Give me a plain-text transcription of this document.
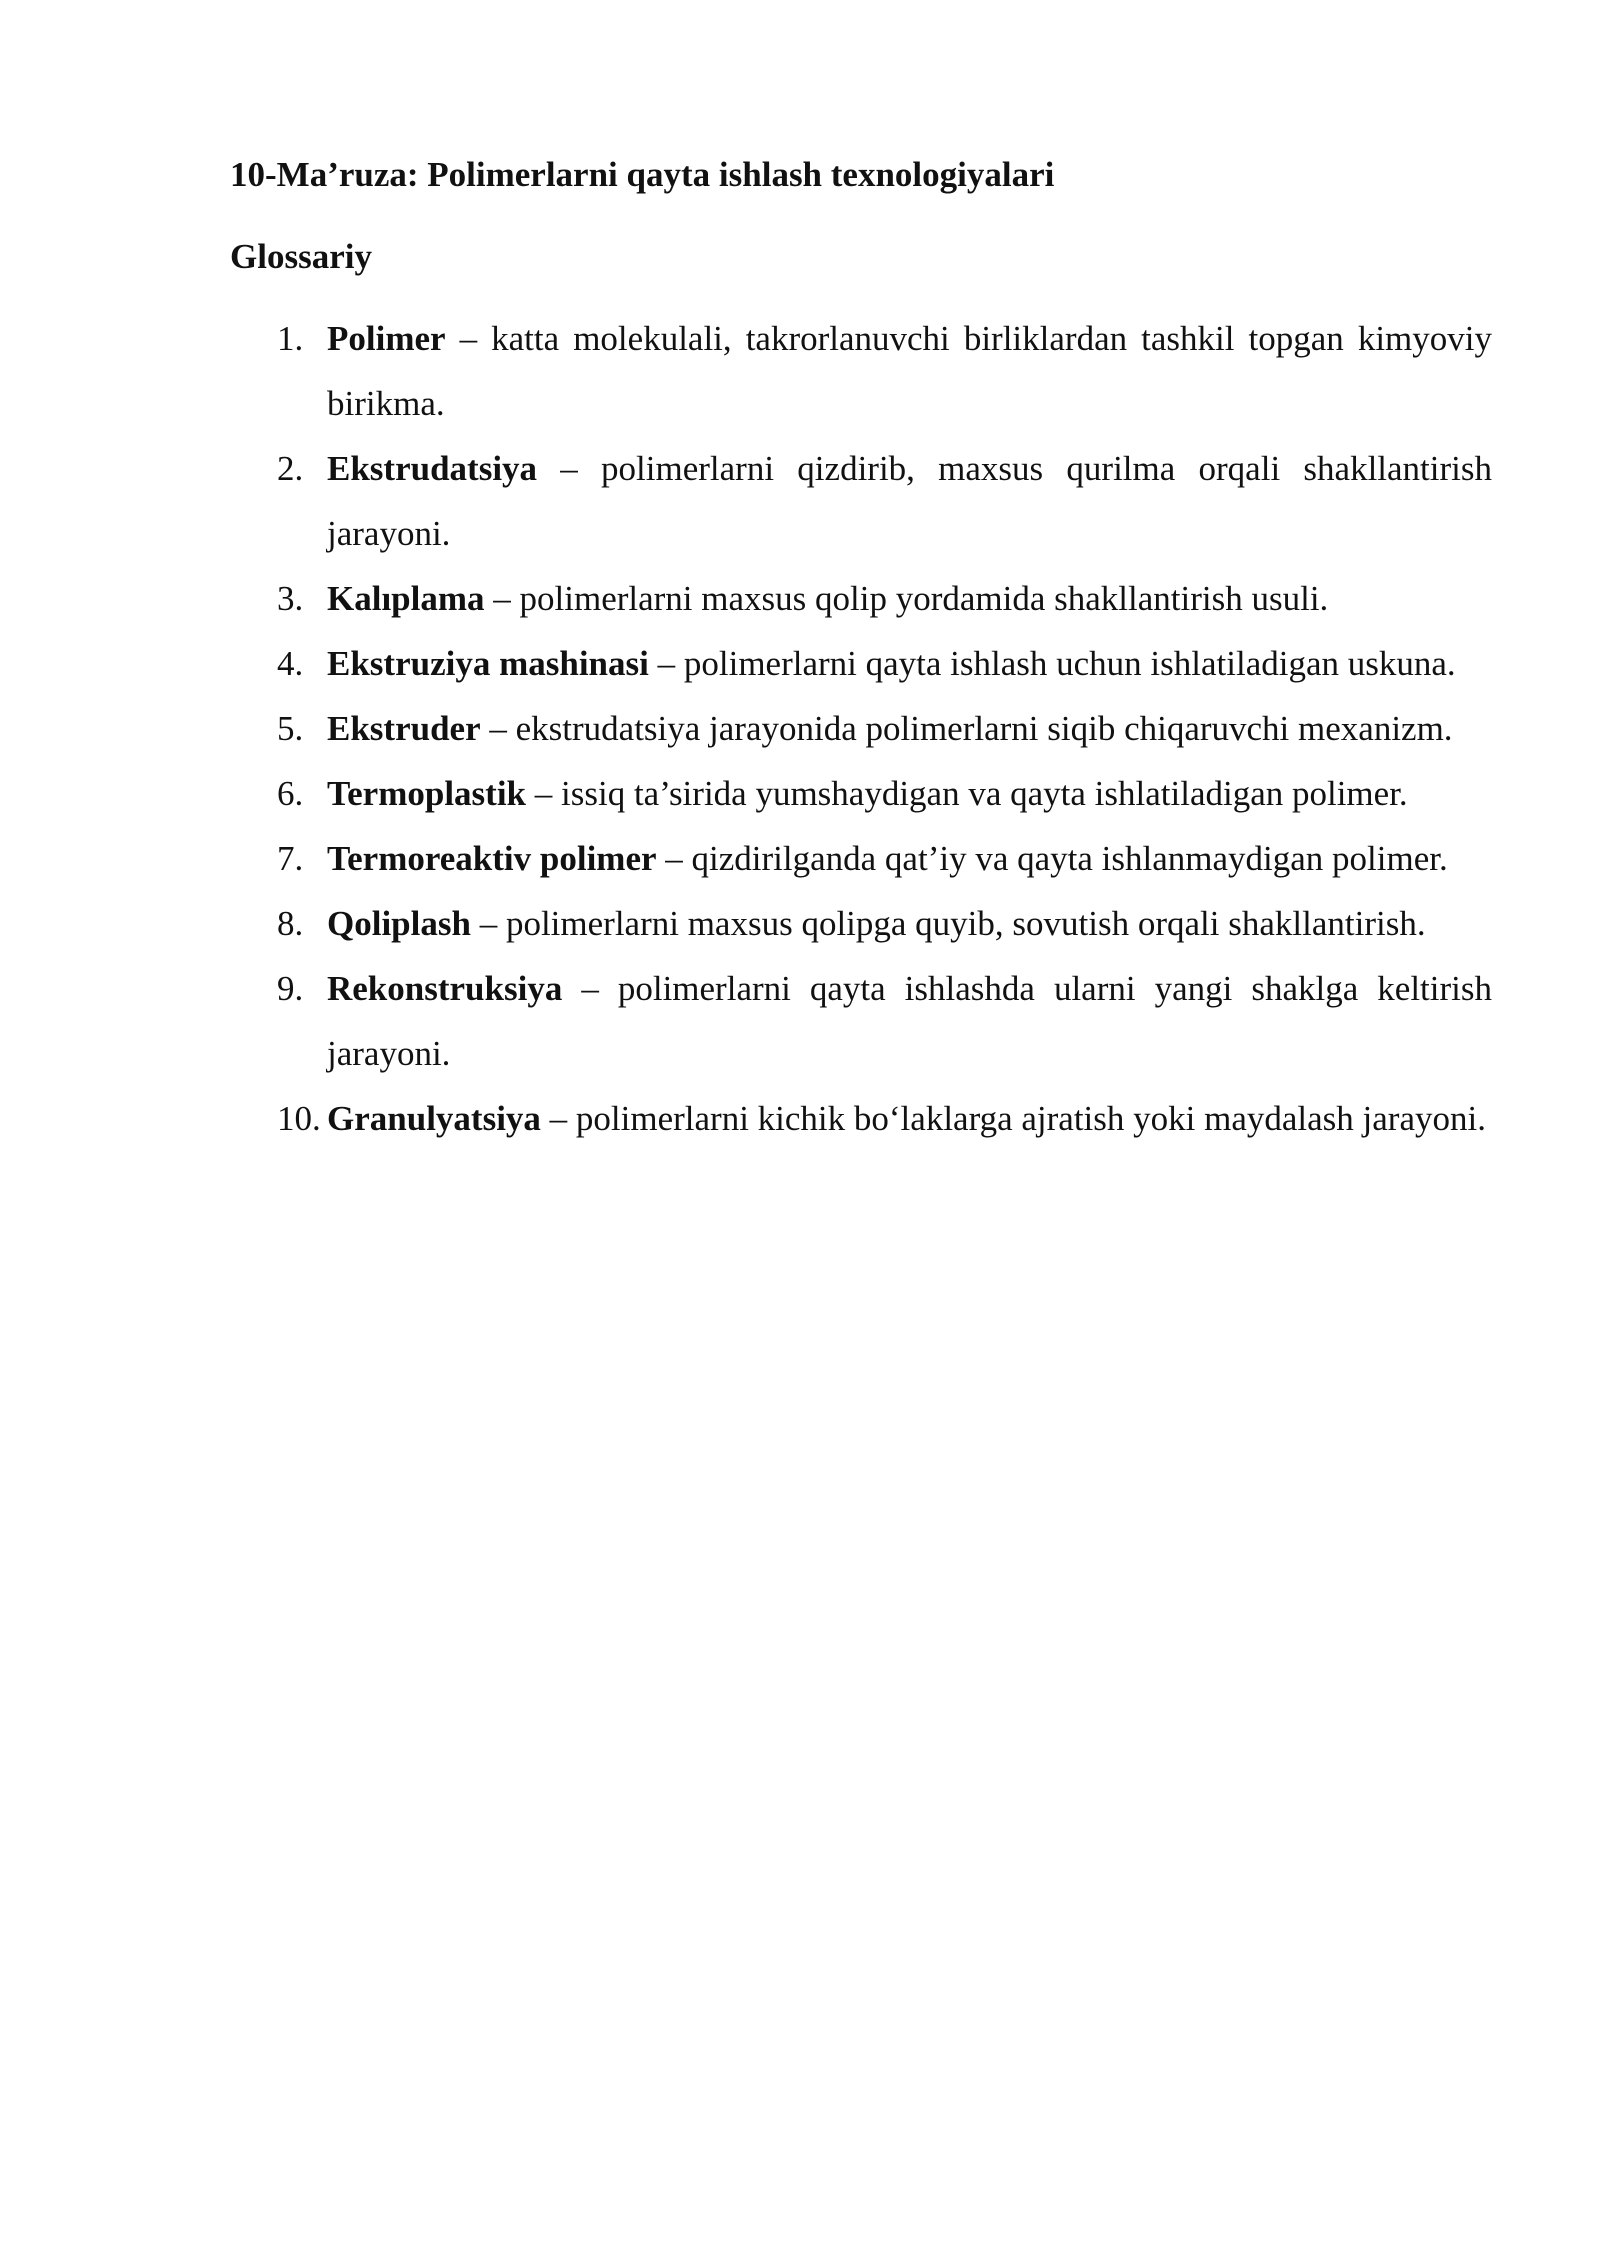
10-Ma’ruza: Polimerlarni qayta ishlash texnologiyalari
Glossariy
1. Polimer – katta molekulali, takrorlanuvchi birliklardan tashkil topgan kimyoviy birikma.
2. Ekstrudatsiya – polimerlarni qizdirib, maxsus qurilma orqali shakllantirish jarayoni.
3. Kalıplama – polimerlarni maxsus qolip yordamida shakllantirish usuli.
4. Ekstruziya mashinasi – polimerlarni qayta ishlash uchun ishlatiladigan uskuna.
5. Ekstruder – ekstrudatsiya jarayonida polimerlarni siqib chiqaruvchi mexanizm.
6. Termoplastik – issiq ta’sirida yumshaydigan va qayta ishlatiladigan polimer.
7. Termoreaktiv polimer – qizdirilganda qat’iy va qayta ishlanmaydigan polimer.
8. Qoliplash – polimerlarni maxsus qolipga quyib, sovutish orqali shakllantirish.
9. Rekonstruksiya – polimerlarni qayta ishlashda ularni yangi shaklga keltirish jarayoni.
10. Granulyatsiya – polimerlarni kichik bo‘laklarga ajratish yoki maydalash jarayoni.
